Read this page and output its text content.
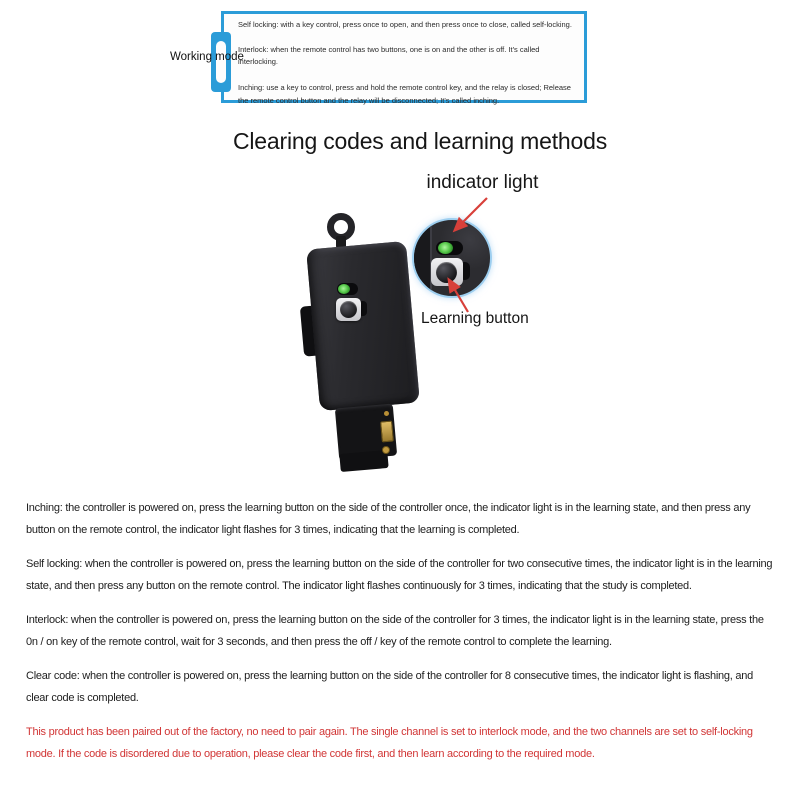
Self locking: with a key control, press once to open, and then press once to close, called self-locking.

Interlock: when the remote control has two buttons, one is on and the other is off. It's called interlocking.

Inching: use a key to control, press and hold the remote control key, and the relay is closed; Release the remote control button and the relay will be disconnected; It's called inching.

Working mode
Clearing codes and learning methods
indicator light
Learning button

Inching: the controller is powered on, press the learning button on the side of the controller once, the indicator light is in the learning state, and then press any button on the remote control, the indicator light flashes for 3 times, indicating that the learning is completed.

Self locking: when the controller is powered on, press the learning button on the side of the controller for two consecutive times, the indicator light is in the learning state, and then press any button on the remote control. The indicator light flashes continuously for 3 times, indicating that the study is completed.

Interlock: when the controller is powered on, press the learning button on the side of the controller for 3 times, the indicator light is in the learning state, press the 0n / on key of the remote control, wait for 3 seconds, and then press the off / key of the remote control to complete the learning.

Clear code: when the controller is powered on, press the learning button on the side of the controller for 8 consecutive times, the indicator light is flashing, and clear code is completed.

This product has been paired out of the factory, no need to pair again. The single channel is set to interlock mode, and the two channels are set to self-locking mode. If the code is disordered due to operation, please clear the code first, and then learn according to the required mode.
